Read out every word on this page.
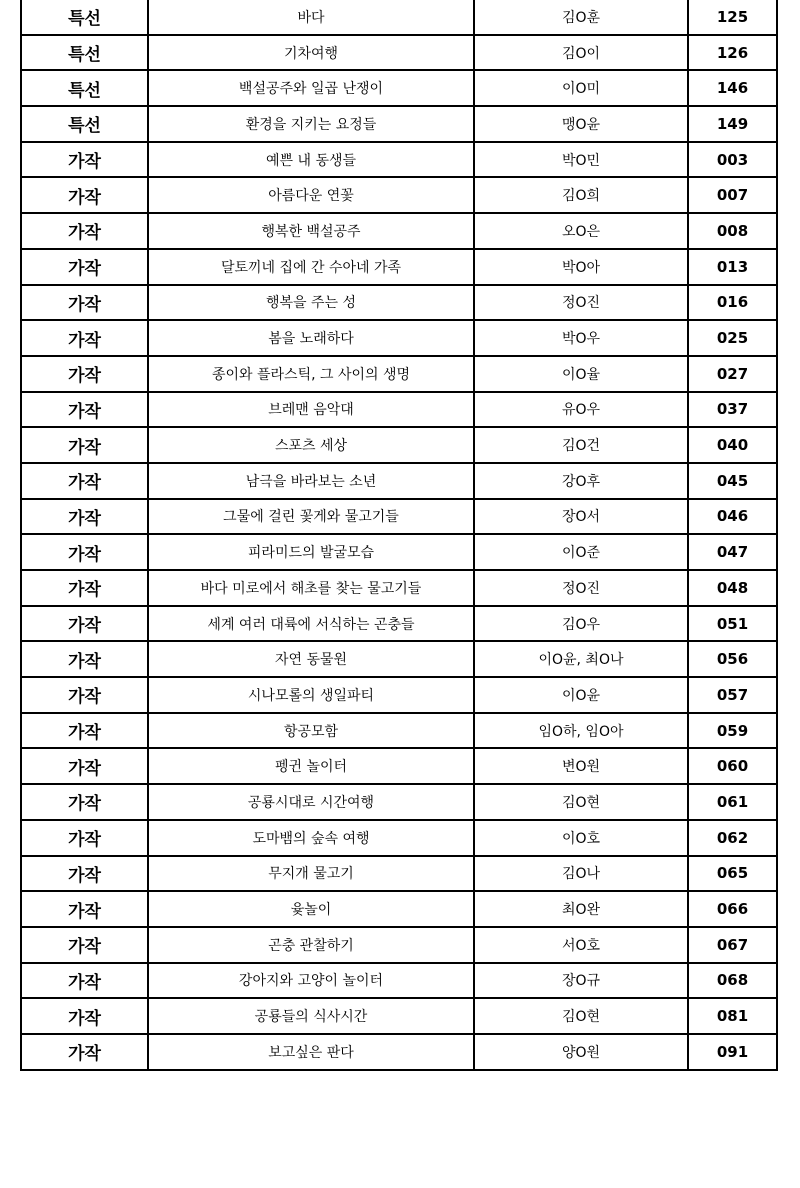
특선	바다	김O훈	125
특선	기차여행	김O이	126
특선	백설공주와 일곱 난쟁이	이O미	146
특선	환경을 지키는 요정들	맹O윤	149
가작	예쁜 내 동생들	박O민	003
가작	아름다운 연꽃	김O희	007
가작	행복한 백설공주	오O은	008
가작	달토끼네 집에 간 수아네 가족	박O아	013
가작	행복을 주는 성	정O진	016
가작	봄을 노래하다	박O우	025
가작	종이와 플라스틱, 그 사이의 생명	이O율	027
가작	브레맨 음악대	유O우	037
가작	스포츠 세상	김O건	040
가작	남극을 바라보는 소년	강O후	045
가작	그물에 걸린 꽃게와 물고기들	장O서	046
가작	피라미드의 발굴모습	이O준	047
가작	바다 미로에서 해초를 찾는 물고기들	정O진	048
가작	세계 여러 대륙에 서식하는 곤충들	김O우	051
가작	자연 동물원	이O윤, 최O나	056
가작	시나모롤의 생일파티	이O윤	057
가작	항공모함	임O하, 임O아	059
가작	펭귄 놀이터	변O원	060
가작	공룡시대로 시간여행	김O현	061
가작	도마뱀의 숲속 여행	이O호	062
가작	무지개 물고기	김O나	065
가작	윷놀이	최O완	066
가작	곤충 관찰하기	서O호	067
가작	강아지와 고양이 놀이터	장O규	068
가작	공룡들의 식사시간	김O현	081
가작	보고싶은 판다	양O원	091
